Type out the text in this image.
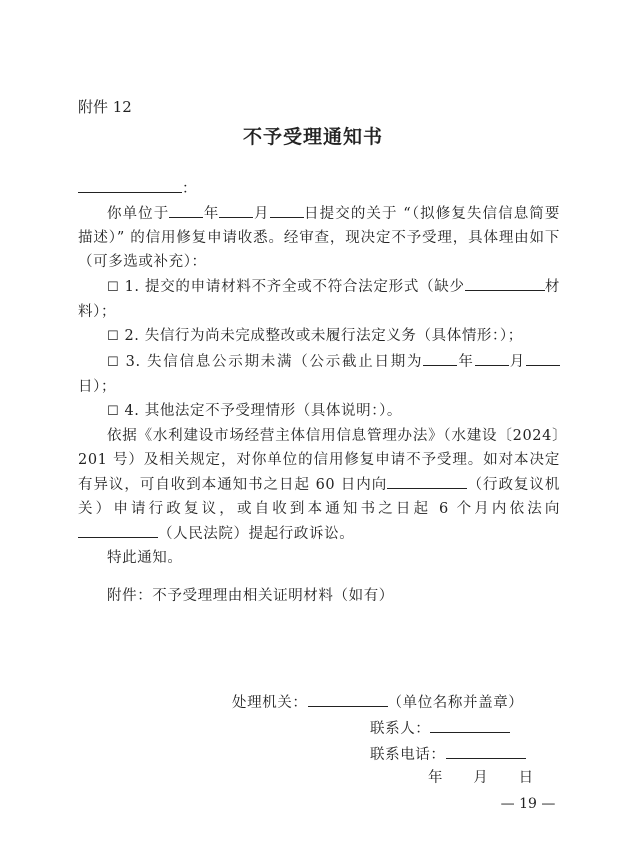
附件 12
不予受理通知书

：

你单位于 年 月 日提交的关于 “（拟修复失信信息简要描述）” 的信用修复申请收悉。经审查，现决定不予受理，具体理由如下（可多选或补充）：

☐ 1. 提交的申请材料不齐全或不符合法定形式（缺少	材料）；

☐ 2. 失信行为尚未完成整改或未履行法定义务（具体情形：）；

☐ 3. 失信信息公示期未满（公示截止日期为 年 月日）；

☐ 4. 其他法定不予受理情形（具体说明：）。

依据《水利建设市场经营主体信用信息管理办法》（水建设〔2024〕201 号）及相关规定，对你单位的信用修复申请不予受理。如对本决定有异议，可自收到本通知书之日起 60 日内向	（行政复议机关）申请行政复议，或自收到本通知书之日起 6 个月内依法向（人民法院）提起行政诉讼。

特此通知。

附件：不予受理理由相关证明材料（如有）

处理机关：	（单位名称并盖章）
联系人：
联系电话：
年　　月　　日
— 19 —
